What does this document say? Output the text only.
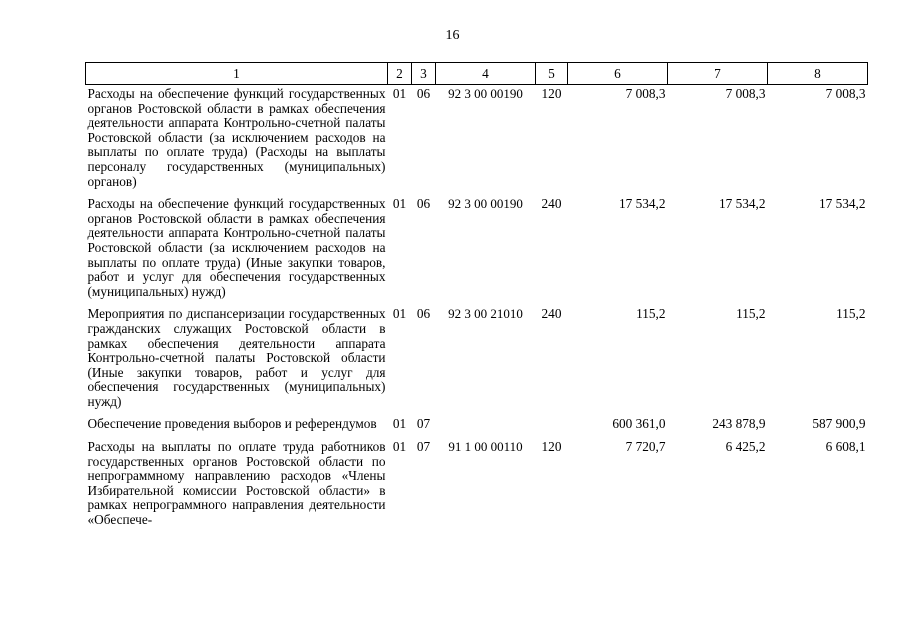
16
1	2	3	4	5	6	7	8
Расходы на обеспечение функций государственных органов Ростовской области в рамках обеспечения деятельности аппарата Контрольно-счетной палаты Ростовской области (за исключением расходов на выплаты по оплате труда) (Расходы на выплаты персоналу государственных (муниципальных) органов)	01	06	92 3 00 00190	120	7 008,3	7 008,3	7 008,3
Расходы на обеспечение функций государственных органов Ростовской области в рамках обеспечения деятельности аппарата Контрольно-счетной палаты Ростовской области (за исключением расходов на выплаты по оплате труда) (Иные закупки товаров, работ и услуг для обеспечения государственных (муниципальных) нужд)	01	06	92 3 00 00190	240	17 534,2	17 534,2	17 534,2
Мероприятия по диспансеризации государственных гражданских служащих Ростовской области в рамках обеспечения деятельности аппарата Контрольно-счетной палаты Ростовской области (Иные закупки товаров, работ и услуг для обеспечения государственных (муниципальных) нужд)	01	06	92 3 00 21010	240	115,2	115,2	115,2
Обеспечение проведения выборов и референдумов	01	07			600 361,0	243 878,9	587 900,9
Расходы на выплаты по оплате труда работников государственных органов Ростовской области по непрограммному направлению расходов «Члены Избирательной комиссии Ростовской области» в рамках непрограммного направления деятельности «Обеспече-	01	07	91 1 00 00110	120	7 720,7	6 425,2	6 608,1
